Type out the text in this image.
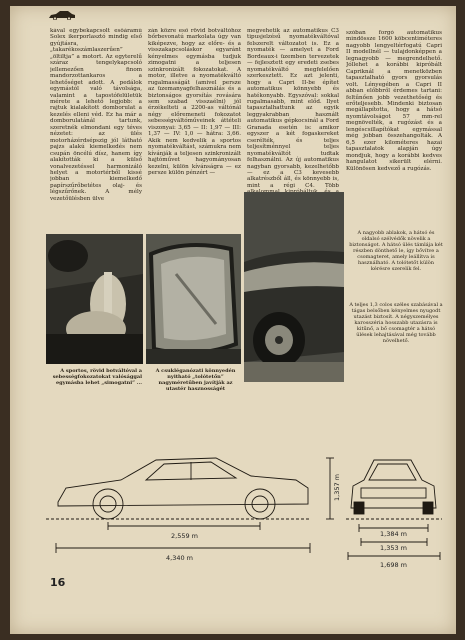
kával egybekapcsolt esőáramú Solex ikerporlasztó mindig első gyújtásra, „takarékoszámlaszerűen” „öltiltja” a motort. Az egyterelű száraz tengelykapcsoló jellemezően finom mandorzottankaros a lehetőséget adott. A pedálok egymástól való távolsága, valamint a tapostófelületük mérete a lehető legjobb: a rajtuk kialakított domborulat a kezelés elleni véd. Ez ha már a domborulatánál tartunk, szeretnék elmondani egy téves nézetet: az ülés motorházérdsépszig jól látható pajzs alakú kiemelkedés nem csupán öncélú dísz, hanem így alakították ki a külső vonalvezetéssel harmonizáló helyet a motortérből kissé jobban kiemelkedő papírszűrőbetétes olaj- és légszűrőnek. A mély vezetőülésben ülve
zán közre eső rövid botváltóhoz bőrbevonatú markolata úgy van kiképezve, hogy az előre- és a visszakapcsoláskor egyaránt kényelmes egymásba tudjuk zimogatni a teljesen szinkronizált fokozatokat. A motor, illetve a nyomatékváltó rugalmasságát (amivel persze az üzemanyagfelhasználás és a biztonságos gyorsítás rovására sem szabad visszaélni) jól érzékelteti a 2200-as váltónál négy előremeneti fokozatot sebességváltóműveinek áttételi viszonyai: 3,65 — II: 1,97 — III: 1,37 — IV: 1,0 — hátra: 3,66. Akik nem kedvelik a sportos nyomatékváltást, számukra nem kívánják a teljesen szinkronizált hajtóművet hagyományosan kezelni, külön kívánságra — ez persze külön pénzért —
megvehetik az automatikus C3 tipusjelzésű nyomatékváltóval felszerelt változatot is. Ez a nyomaték — amelyet a Ford Bordeaux-i üzemben tervezetek — fejlesztett egy eredeti zsebes nyomatékváltó megfelelően szerkesztett. Ez azt jelenti, hogy a Capri II-be építet automatikus könnyebb és hatékonyabb. Egyszóval: sokkal rugalmasabb, mint előd. Ilyet tapasztalhattunk az egyik leggyakrabban használt automatikus gépkocsinál a Ford Granada esetén is: amikor egyszer a két fogaskereket cserélték, és teljes teljesítménnyel teljes nyomatékváltót tudtak felhasználni. Az új automatikus nagyban gyorsabb, kezelhetőbb — ez a C3 kevesebb alkatrészből áll, és könnyebb is, mint a régi C4. Több
szóban forgó automatikus mindössze 1600 köbcentiméteres nagyobb lengyeltérfogatú Capri II modellnél — tulajdonképpen a legnagyobb — megrendelhető. Jóllehet a korábbi kipróbált Capriknál a menetközben tapasztalható gyors gyorsulás volt. Lényegében a Capri II abban előbbről érdemes tartani: feltűnően jobb vezethetőség és erőteljesebb. Mindenki biztosan megállapította, hogy a hátsó nyomtávolságot 57 mm-rel megnövelték, a rugózást és a lengéscsillapítókat egymással még jobban összehangolták. A 6,5 ezer kilométeres hazai tapasztalatok alapján úgy mondjuk, hogy a korábbi kedves hangulatot sikerült elérni. Különösen kedvező a rugózás.
A sportos, rövid botváltóval a sebességfokozatokat valósággal egymásba lehet „simogatni” ...
A csukléganózati könnyedén nyitható „tolótetőn” nagyméretűben javítják az utastér hasznosságét
A nagyobb ablakok, a hátsó és oldalsó szélvédők növelik a biztonságot. A hátsó ülés támlája két részben dönthető le, így bővítve a csomagteret, amely leállítva is használható. A tolótetőt külön kérésre szerelik fel.
A teljes 1,3 colos széles szabásával a tágas belsőben kényelmes nyugodt utazást biztosít. A négyszemélyes karosszéria hosszabb utazásra is kitűnő, a bő csomagtér a hátsó ülések lehajtásával még tovább növelhető.
2,559 m
4,340 m
1,357 m
1,384 m
1,353 m
1,698 m
16
